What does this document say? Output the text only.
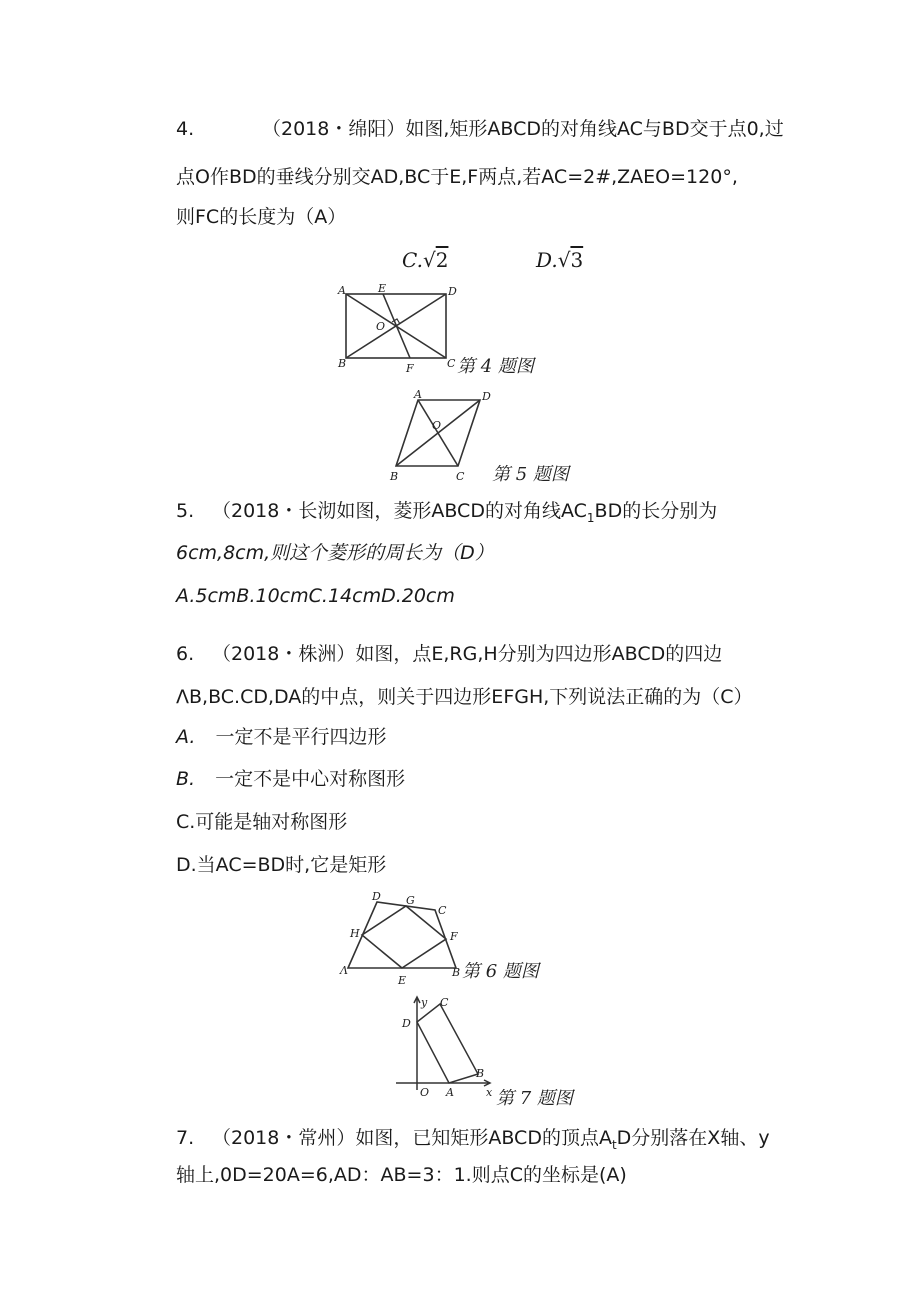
4.	（2018・绵阳）如图,矩形ABCD的对角线AC与BD交于点0,过
点O作BD的垂线分别交AD,BC于E,F两点,若AC=2#,ZAEO=120°,
则FC的长度为（A）
C.√2	D.√3
A	E	D
O
B	F	C 第 4 题图
A	D
O
B	C 第 5 题图
5. （2018・长沏如图，菱形ABCD的对角线$AC_1BD$的长分别为
6cm,8cm,则这个菱形的周长为（D）
A.5cmB.10cmC.14cmD.20cm
6. （2018・株洲）如图，点E,RG,H分别为四边形ABCD的四边
ΛB,BC.CD,DA的中点，则关于四边形EFGH,下列说法正确的为（C）
A. 一定不是平行四边形
B. 一定不是中心对称图形
C.可能是轴对称图形
D.当AC=BD时,它是矩形
D G
C
H	F
Λ
E
B 第 6 题图
y C
D
B
O A	x 第 7 题图
7. （2018・常州）如图，已知矩形ABCD的顶点$A_tD$分别落在X轴、y
轴上,0D=20A=6,AD：AB=3：1.则点C的坐标是(A)
